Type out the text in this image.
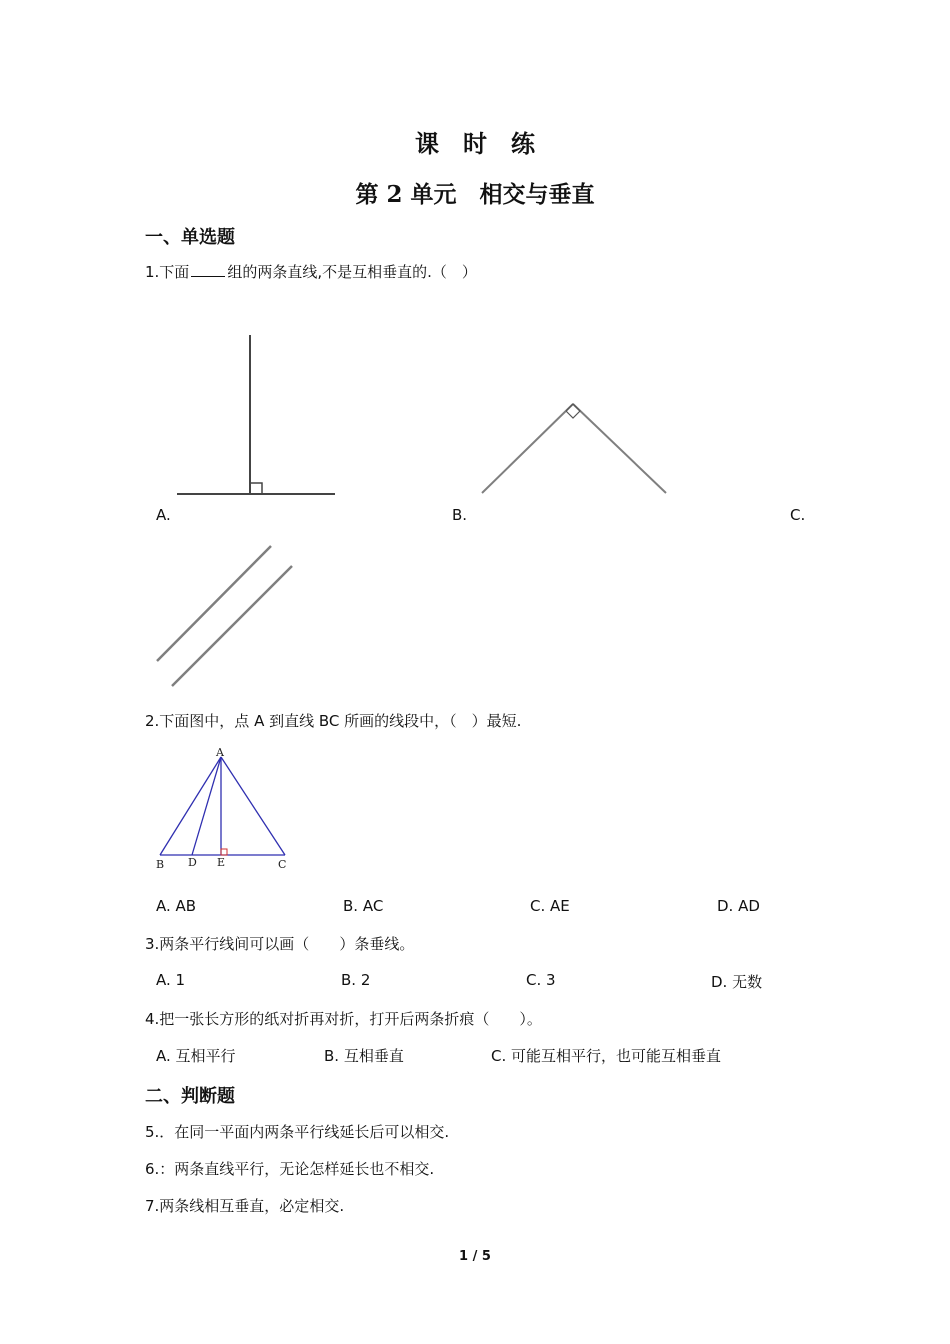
课 时 练
第 2 单元　相交与垂直
一、单选题
1.下面	组的两条直线,不是互相垂直的.（　）
A.	B.	C.
2.下面图中，点 A 到直线 BC 所画的线段中，（　）最短.
A
B D E	C
A. AB	B. AC	C. AE	D. AD
3.两条平行线间可以画（　　）条垂线。
A. 1	B. 2	C. 3	D. 无数
4.把一张长方形的纸对折再对折，打开后两条折痕（　　）。
A. 互相平行	B. 互相垂直	C. 可能互相平行，也可能互相垂直
二、判断题
5.．在同一平面内两条平行线延长后可以相交.
6.：两条直线平行，无论怎样延长也不相交.
7.两条线相互垂直，必定相交.
1 / 5
